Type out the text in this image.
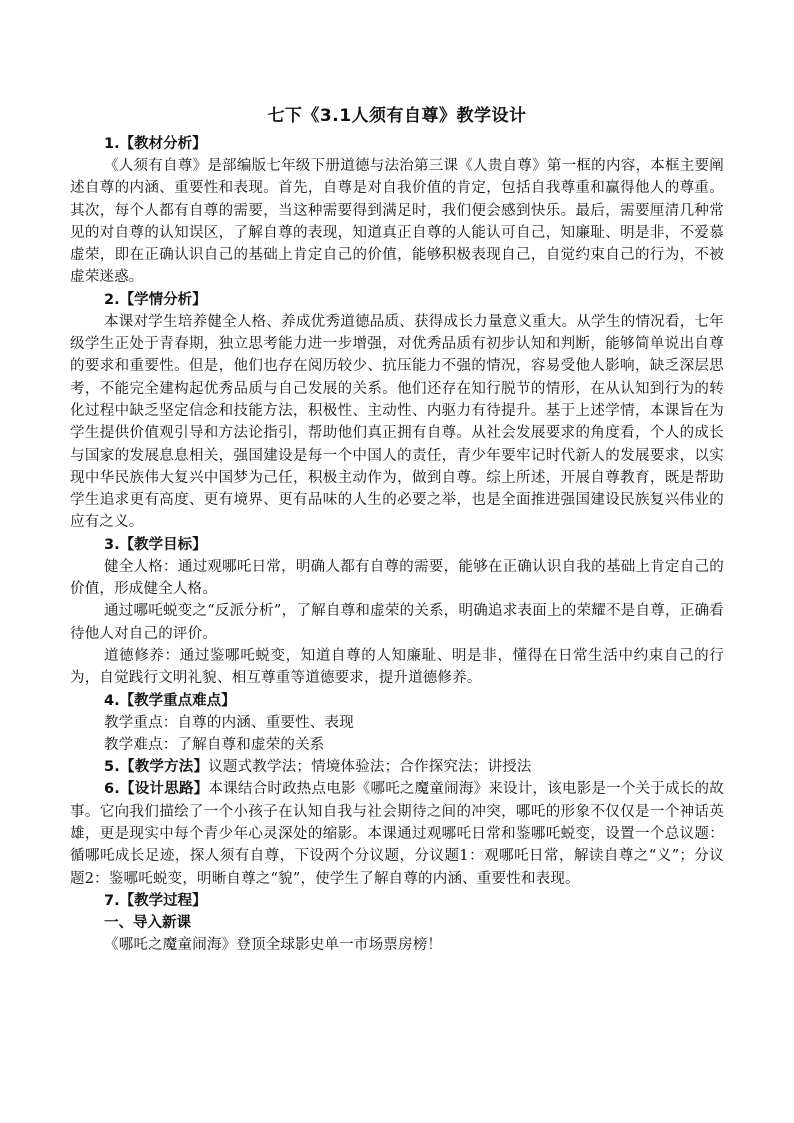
七下《3.1人须有自尊》教学设计
1.【教材分析】

《人须有自尊》是部编版七年级下册道德与法治第三课《人贵自尊》第一框的内容，本框主要阐述自尊的内涵、重要性和表现。首先，自尊是对自我价值的肯定，包括自我尊重和赢得他人的尊重。其次，每个人都有自尊的需要，当这种需要得到满足时，我们便会感到快乐。最后，需要厘清几种常见的对自尊的认知误区，了解自尊的表现，知道真正自尊的人能认可自己，知廉耻、明是非，不爱慕虚荣，即在正确认识自己的基础上肯定自己的价值，能够积极表现自己，自觉约束自己的行为，不被虚荣迷惑。

2.【学情分析】

本课对学生培养健全人格、养成优秀道德品质、获得成长力量意义重大。从学生的情况看，七年级学生正处于青春期，独立思考能力进一步增强，对优秀品质有初步认知和判断，能够简单说出自尊的要求和重要性。但是，他们也存在阅历较少、抗压能力不强的情况，容易受他人影响，缺乏深层思考，不能完全建构起优秀品质与自己发展的关系。他们还存在知行脱节的情形，在从认知到行为的转化过程中缺乏坚定信念和技能方法，积极性、主动性、内驱力有待提升。基于上述学情，本课旨在为学生提供价值观引导和方法论指引，帮助他们真正拥有自尊。从社会发展要求的角度看，个人的成长与国家的发展息息相关，强国建设是每一个中国人的责任，青少年要牢记时代新人的发展要求，以实现中华民族伟大复兴中国梦为己任，积极主动作为，做到自尊。综上所述，开展自尊教育，既是帮助学生追求更有高度、更有境界、更有品味的人生的必要之举，也是全面推进强国建设民族复兴伟业的应有之义。

3.【教学目标】

健全人格：通过观哪吒日常，明确人都有自尊的需要，能够在正确认识自我的基础上肯定自己的价值，形成健全人格。

通过哪吒蜕变之“反派分析”，了解自尊和虚荣的关系，明确追求表面上的荣耀不是自尊，正确看待他人对自己的评价。

道德修养：通过鉴哪吒蜕变，知道自尊的人知廉耻、明是非，懂得在日常生活中约束自己的行为，自觉践行文明礼貌、相互尊重等道德要求，提升道德修养。

4.【教学重点难点】

教学重点：自尊的内涵、重要性、表现

教学难点：了解自尊和虚荣的关系

5.【教学方法】议题式教学法；情境体验法；合作探究法；讲授法

6.【设计思路】本课结合时政热点电影《哪吒之魔童闹海》来设计，该电影是一个关于成长的故事。它向我们描绘了一个小孩子在认知自我与社会期待之间的冲突，哪吒的形象不仅仅是一个神话英雄，更是现实中每个青少年心灵深处的缩影。本课通过观哪吒日常和鉴哪吒蜕变，设置一个总议题：循哪吒成长足迹，探人须有自尊，下设两个分议题，分议题1：观哪吒日常，解读自尊之“义”；分议题2：鉴哪吒蜕变，明晰自尊之“貌”，使学生了解自尊的内涵、重要性和表现。

7.【教学过程】
一、导入新课

《哪吒之魔童闹海》登顶全球影史单一市场票房榜！
